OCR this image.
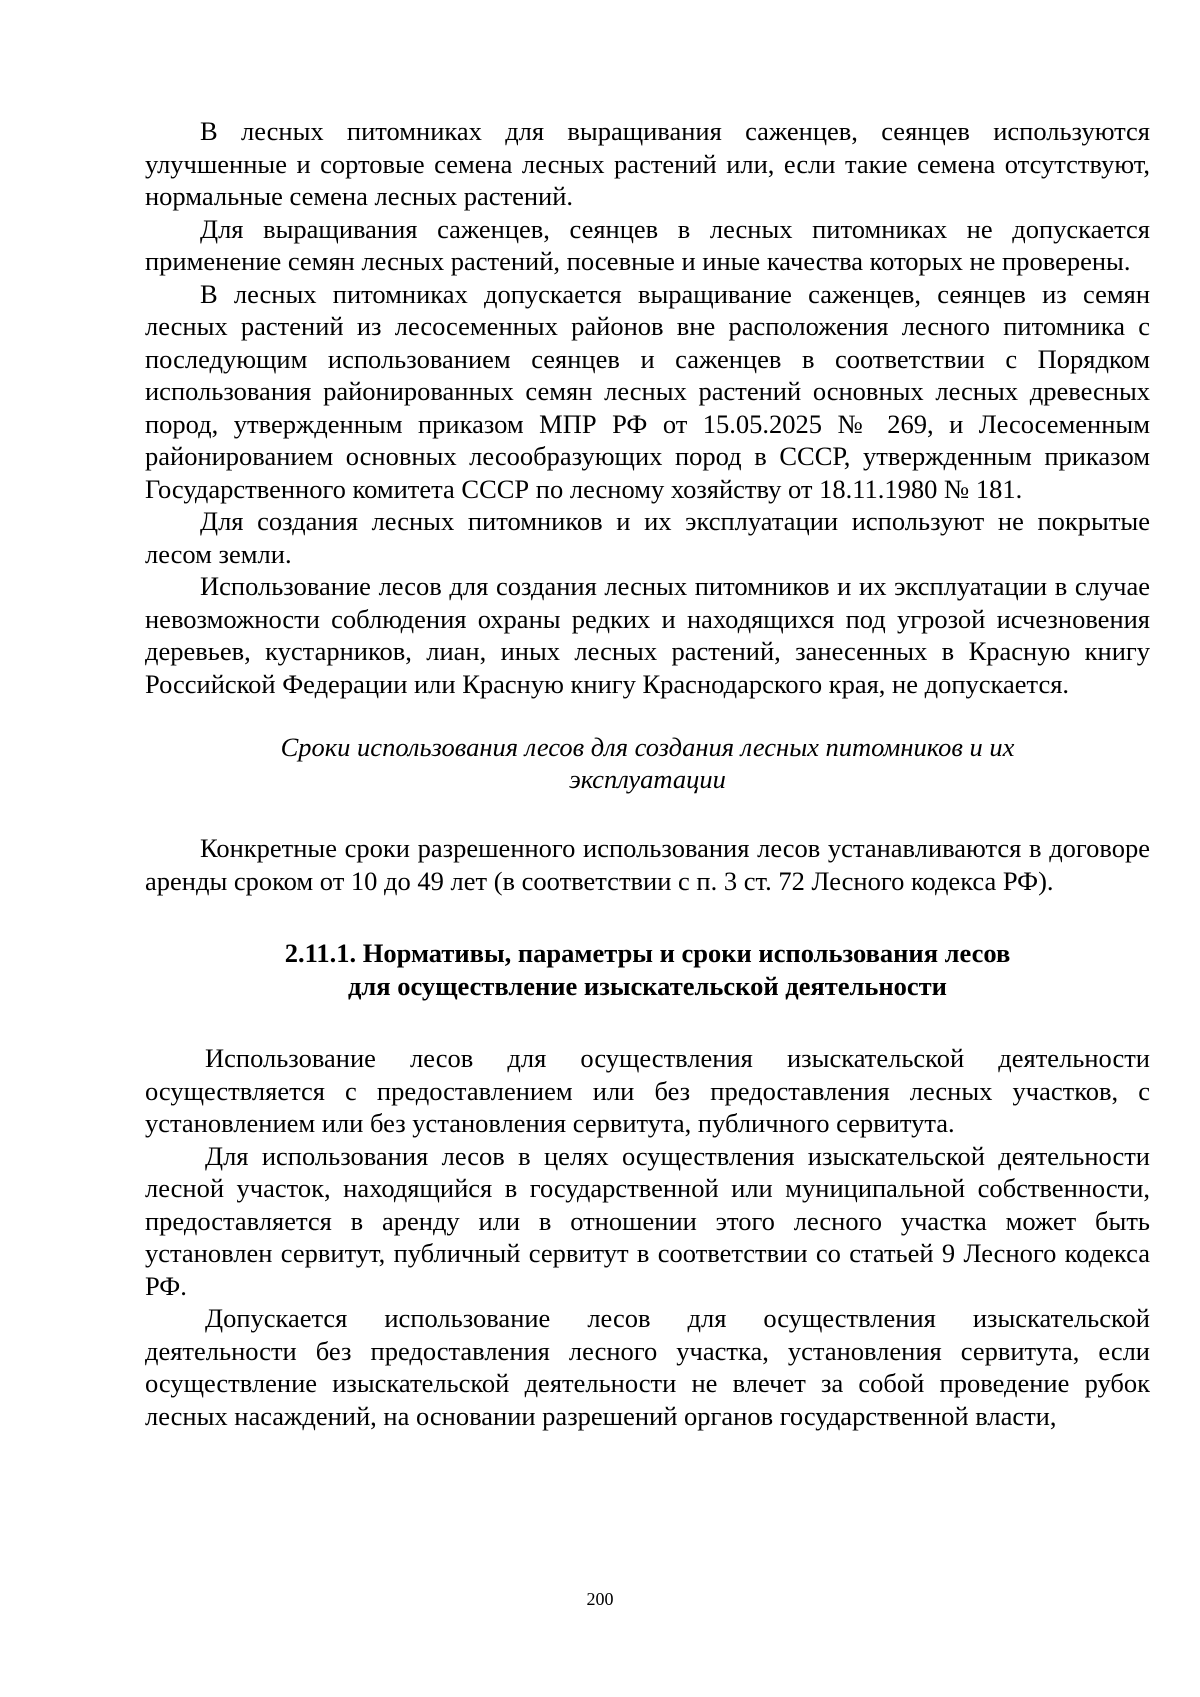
В лесных питомниках для выращивания саженцев, сеянцев используются улучшенные и сортовые семена лесных растений или, если такие семена отсутствуют, нормальные семена лесных растений.

Для выращивания саженцев, сеянцев в лесных питомниках не допускается применение семян лесных растений, посевные и иные качества которых не проверены.

В лесных питомниках допускается выращивание саженцев, сеянцев из семян лесных растений из лесосеменных районов вне расположения лесного питомника с последующим использованием сеянцев и саженцев в соответствии с Порядком использования районированных семян лесных растений основных лесных древесных пород, утвержденным приказом МПР РФ от 15.05.2025 № 269, и Лесосеменным районированием основных лесообразующих пород в СССР, утвержденным приказом Государственного комитета СССР по лесному хозяйству от 18.11.1980 № 181.

Для создания лесных питомников и их эксплуатации используют не покрытые лесом земли.

Использование лесов для создания лесных питомников и их эксплуатации в случае невозможности соблюдения охраны редких и находящихся под угрозой исчезновения деревьев, кустарников, лиан, иных лесных растений, занесенных в Красную книгу Российской Федерации или Красную книгу Краснодарского края, не допускается.

Сроки использования лесов для создания лесных питомников и их эксплуатации

Конкретные сроки разрешенного использования лесов устанавливаются в договоре аренды сроком от 10 до 49 лет (в соответствии с п. 3 ст. 72 Лесного кодекса РФ).

2.11.1. Нормативы, параметры и сроки использования лесов
для осуществление изыскательской деятельности

Использование лесов для осуществления изыскательской деятельности осуществляется с предоставлением или без предоставления лесных участков, с установлением или без установления сервитута, публичного сервитута.

Для использования лесов в целях осуществления изыскательской деятельности лесной участок, находящийся в государственной или муниципальной собственности, предоставляется в аренду или в отношении этого лесного участка может быть установлен сервитут, публичный сервитут в соответствии со статьей 9 Лесного кодекса РФ.

Допускается использование лесов для осуществления изыскательской деятельности без предоставления лесного участка, установления сервитута, если осуществление изыскательской деятельности не влечет за собой проведение рубок лесных насаждений, на основании разрешений органов государственной власти,

200
